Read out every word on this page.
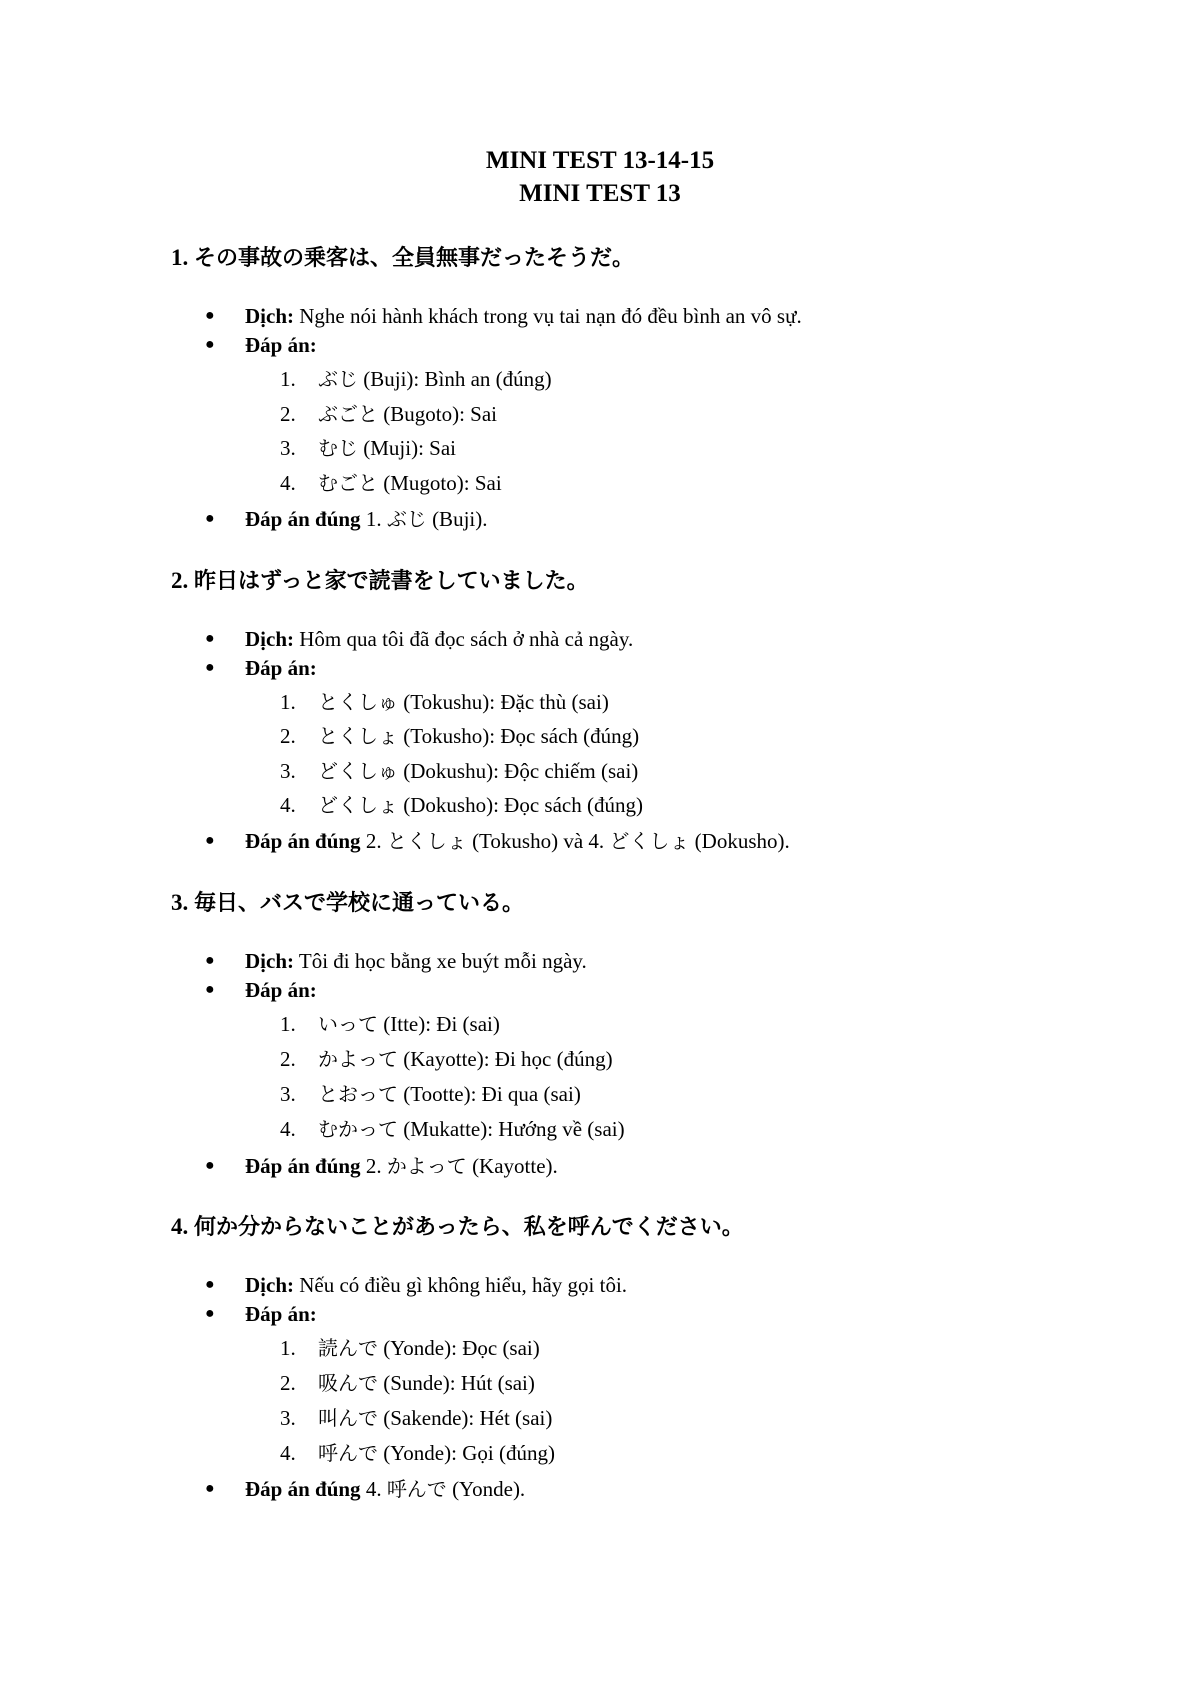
MINI TEST 13-14-15
MINI TEST 13
1. その事故の乗客は、全員無事だったそうだ。
● Dịch: Nghe nói hành khách trong vụ tai nạn đó đều bình an vô sự.
● Đáp án:
1. ぶじ (Buji): Bình an (đúng)
2. ぶごと (Bugoto): Sai
3. むじ (Muji): Sai
4. むごと (Mugoto): Sai
● Đáp án đúng 1. ぶじ (Buji).
2. 昨日はずっと家で読書をしていました。
● Dịch: Hôm qua tôi đã đọc sách ở nhà cả ngày.
● Đáp án:
1. とくしゅ (Tokushu): Đặc thù (sai)
2. とくしょ (Tokusho): Đọc sách (đúng)
3. どくしゅ (Dokushu): Độc chiếm (sai)
4. どくしょ (Dokusho): Đọc sách (đúng)
● Đáp án đúng 2. とくしょ (Tokusho) và 4. どくしょ (Dokusho).
3. 毎日、バスで学校に通っている。
● Dịch: Tôi đi học bằng xe buýt mỗi ngày.
● Đáp án:
1. いって (Itte): Đi (sai)
2. かよって (Kayotte): Đi học (đúng)
3. とおって (Tootte): Đi qua (sai)
4. むかって (Mukatte): Hướng về (sai)
● Đáp án đúng 2. かよって (Kayotte).
4. 何か分からないことがあったら、私を呼んでください。
● Dịch: Nếu có điều gì không hiểu, hãy gọi tôi.
● Đáp án:
1. 読んで (Yonde): Đọc (sai)
2. 吸んで (Sunde): Hút (sai)
3. 叫んで (Sakende): Hét (sai)
4. 呼んで (Yonde): Gọi (đúng)
● Đáp án đúng 4. 呼んで (Yonde).
